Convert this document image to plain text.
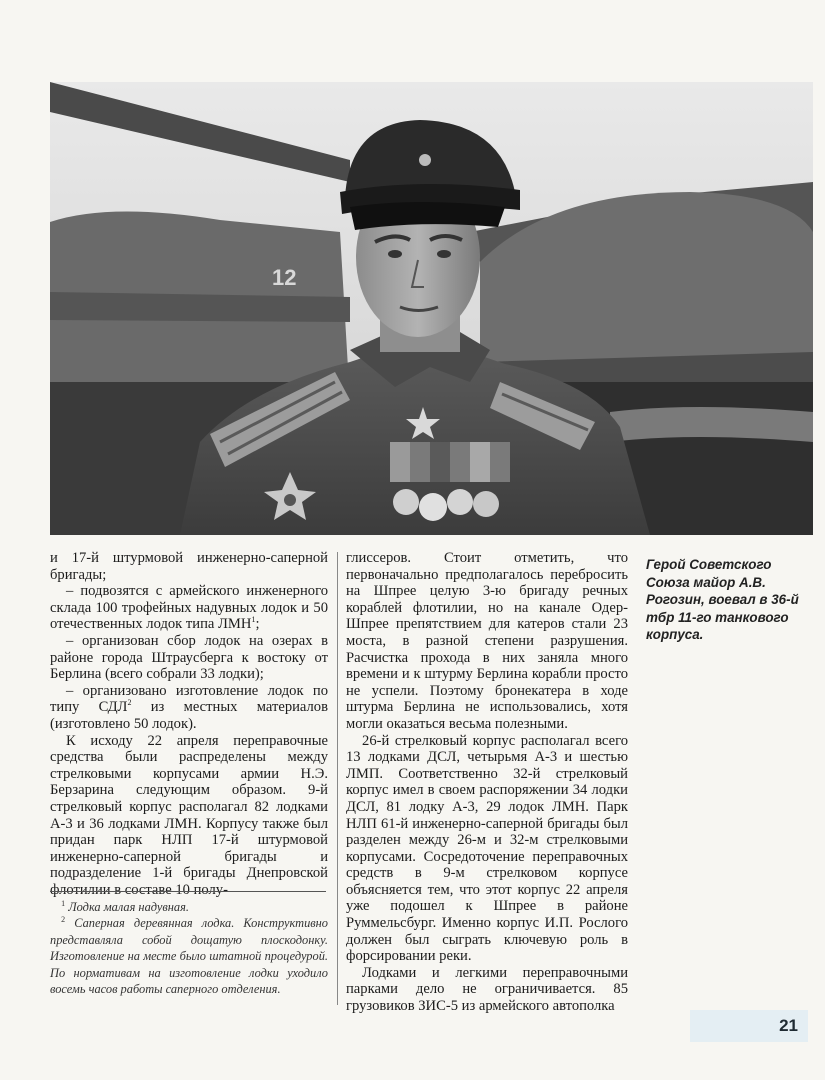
12

и 17-й штурмовой инженерно-саперной бригады;

– подвозятся с армейского инженерного склада 100 трофейных надувных лодок и 50 отечественных лодок типа ЛМН$^1$;

– организован сбор лодок на озерах в районе города Штраусберга к востоку от Берлина (всего собрали 33 лодки);

– организовано изготовление лодок по типу СДЛ$^2$ из местных материалов (изготовлено 50 лодок).

К исходу 22 апреля переправочные средства были распределены между стрелковыми корпусами армии Н.Э. Берзарина следующим образом. 9-й стрелковый корпус располагал 82 лодками А-3 и 36 лодками ЛМН. Корпусу также был придан парк НЛП 17-й штурмовой инженерно-саперной бригады и подразделение 1-й бригады Днепровской флотилии в составе 10 полу-

глиссеров. Стоит отметить, что первоначально предполагалось перебросить на Шпрее целую 3-ю бригаду речных кораблей флотилии, но на канале Одер-Шпрее препятствием для катеров стали 23 моста, в разной степени разрушения. Расчистка прохода в них заняла много времени и к штурму Берлина корабли просто не успели. Поэтому бронекатера в ходе штурма Берлина не использовались, хотя могли оказаться весьма полезными.

26-й стрелковый корпус располагал всего 13 лодками ДСЛ, четырьмя А-3 и шестью ЛМП. Соответственно 32-й стрелковый корпус имел в своем распоряжении 34 лодки ДСЛ, 81 лодку А-3, 29 лодок ЛМН. Парк НЛП 61-й инженерно-саперной бригады был разделен между 26-м и 32-м стрелковыми корпусами. Сосредоточение переправочных средств в 9-м стрелковом корпусе объясняется тем, что этот корпус 22 апреля уже подошел к Шпрее в районе Руммельсбург. Именно корпус И.П. Рослого должен был сыграть ключевую роль в форсировании реки.

Лодками и легкими переправочными парками дело не ограничивается. 85 грузовиков ЗИС-5 из армейского автополка

Герой Советского Союза майор А.В. Рогозин, воевал в 36-й тбр 11-го танкового корпуса.

$^1$ Лодка малая надувная.

$^2$ Саперная деревянная лодка. Конструктивно представляла собой дощатую плоскодонку. Изготовление на месте было штатной процедурой. По нормативам на изготовление лодки уходило восемь часов работы саперного отделения.

21
